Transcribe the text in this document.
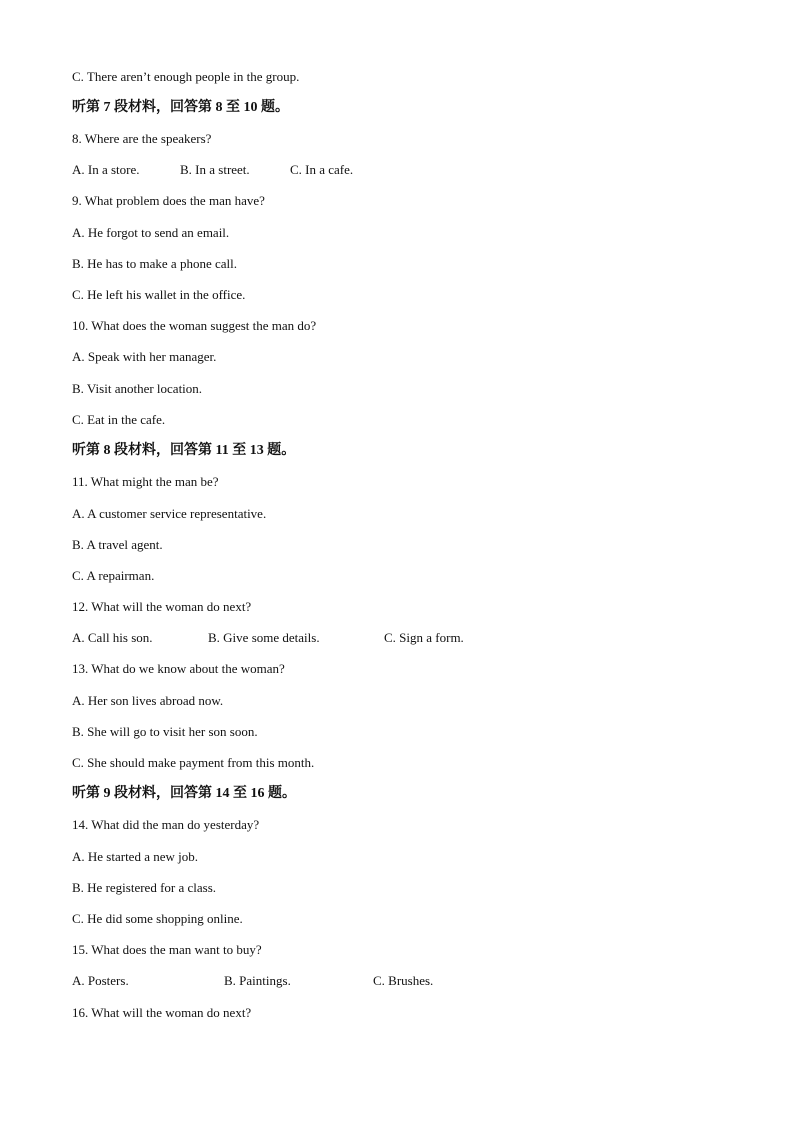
C. There aren’t enough people in the group.
听第 7 段材料，回答第 8 至 10 题。
8. Where are the speakers?
A. In a store.	B. In a street.	C. In a cafe.
9. What problem does the man have?
A. He forgot to send an email.
B. He has to make a phone call.
C. He left his wallet in the office.
10. What does the woman suggest the man do?
A. Speak with her manager.
B. Visit another location.
C. Eat in the cafe.
听第 8 段材料，回答第 11 至 13 题。
11. What might the man be?
A. A customer service representative.
B. A travel agent.
C. A repairman.
12. What will the woman do next?
A. Call his son.	B. Give some details.	C. Sign a form.
13. What do we know about the woman?
A. Her son lives abroad now.
B. She will go to visit her son soon.
C. She should make payment from this month.
听第 9 段材料，回答第 14 至 16 题。
14. What did the man do yesterday?
A. He started a new job.
B. He registered for a class.
C. He did some shopping online.
15. What does the man want to buy?
A. Posters.	B. Paintings.	C. Brushes.
16. What will the woman do next?
